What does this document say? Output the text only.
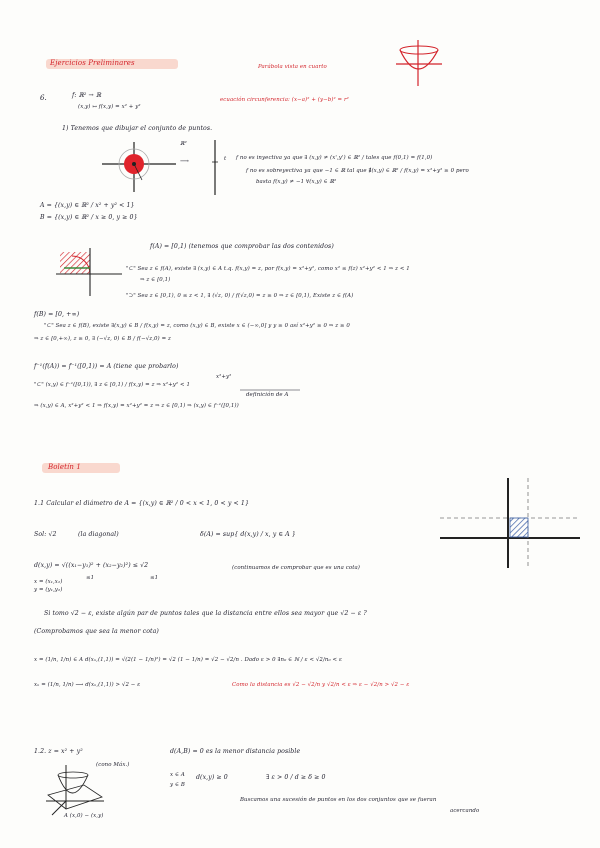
Ejercicios Preliminares	Parábola vista en cuarto
6.	f: ℝ² → ℝ
(x,y) ↦ f(x,y) = x² + y²
ecuación circunferencia: (x−a)² + (y−b)² = r²
1) Tenemos que dibujar el conjunto de puntos.
ℝ²
⟶	t f no es inyectiva ya que ∃ (x,y) ≠ (x',y') ∈ ℝ² / tales que f(0,1) = f(1,0)
f no es sobreyectiva ya que −1 ∈ ℝ tal que ∄(x,y) ∈ ℝ² / f(x,y) = x²+y² ≥ 0 pero
basta f(x,y) ≠ −1 ∀(x,y) ∈ ℝ²
A = {(x,y) ∈ ℝ² / x² + y² < 1}
B = {(x,y) ∈ ℝ² / x ≥ 0, y ≥ 0}
f(A) = [0,1) (tenemos que comprobar las dos contenidos)
"⊂" Sea z ∈ f(A), existe ∃ (x,y) ∈ A t.q. f(x,y) = z, por f(x,y) = x²+y², como x² ≤ f(z) x²+y² < 1 ⇒ z < 1
⇒ z ∈ [0,1)
"⊃" Sea z ∈ [0,1), 0 ≤ z < 1, ∃ (√z, 0) / f(√z,0) = z ≥ 0 ⇒ z ∈ [0,1), Existe z ∈ f(A)
f(B) = [0, +∞)
"⊂" Sea z ∈ f(B), existe ∃(x,y) ∈ B / f(x,y) = z, como (x,y) ∈ B, existe x ∈ (−∞,0] y y ≥ 0 así x²+y² ≥ 0 ⇒ z ≥ 0
⇒ z ∈ [0,+∞), z ≥ 0, ∃ (−√z, 0) ∈ B / f(−√z,0) = z
f⁻¹(f(A)) = f⁻¹([0,1)) = A (tiene que probarlo)
x²+y²
"⊂" (x,y) ∈ f⁻¹([0,1)), ∃ z ∈ [0,1) / f(x,y) = z ⇒ x²+y² < 1
definición de A
⇒ (x,y) ∈ A, x²+y² < 1 ⇒ f(x,y) = x²+y² = z ⇒ z ∈ [0,1) ⇒ (x,y) ∈ f⁻¹([0,1))
Boletín 1
1.1 Calcular el diámetro de A = {(x,y) ∈ ℝ² / 0 < x < 1, 0 < y < 1}
Sol: √2	(la diagonal)	δ(A) = sup{ d(x,y) / x, y ∈ A }
d(x,y) = √((x₁−y₁)² + (x₂−y₂)²) ≤ √2
≤1	≤1
x = (x₁,x₂)
y = (y₁,y₂)
(continuamos de comprobar que es una cota)
Si tomo √2 − ε, existe algún par de puntos tales que la distancia entre ellos sea mayor que √2 − ε ?
(Comprobamos que sea la menor cota)
x = (1/n, 1/n) ∈ A d(xₙ,(1,1)) = √(2(1 − 1/n)²) = √2 (1 − 1/n) = √2 − √2/n . Dado ε > 0 ∃n₀ ∈ ℕ / ε < √2/n₀ < ε
xₙ = (1/n, 1/n) ⟶ d(xₙ,(1,1)) > √2 − ε	Como la distancia es √2 − √2/n y √2/n < ε ⇒ ε − √2/n > √2 − ε
1.2. z = x² + y²
(cono Máx.)
d(A,B) = 0 es la menor distancia posible
x ∈ A
y ∈ B
d(x,y) ≥ 0	∃ ε > 0 / d ≥ δ ≥ 0
Buscamos una sucesión de puntos en los dos conjuntos que se fueran
acercando
A (x,0) − (x,y)
